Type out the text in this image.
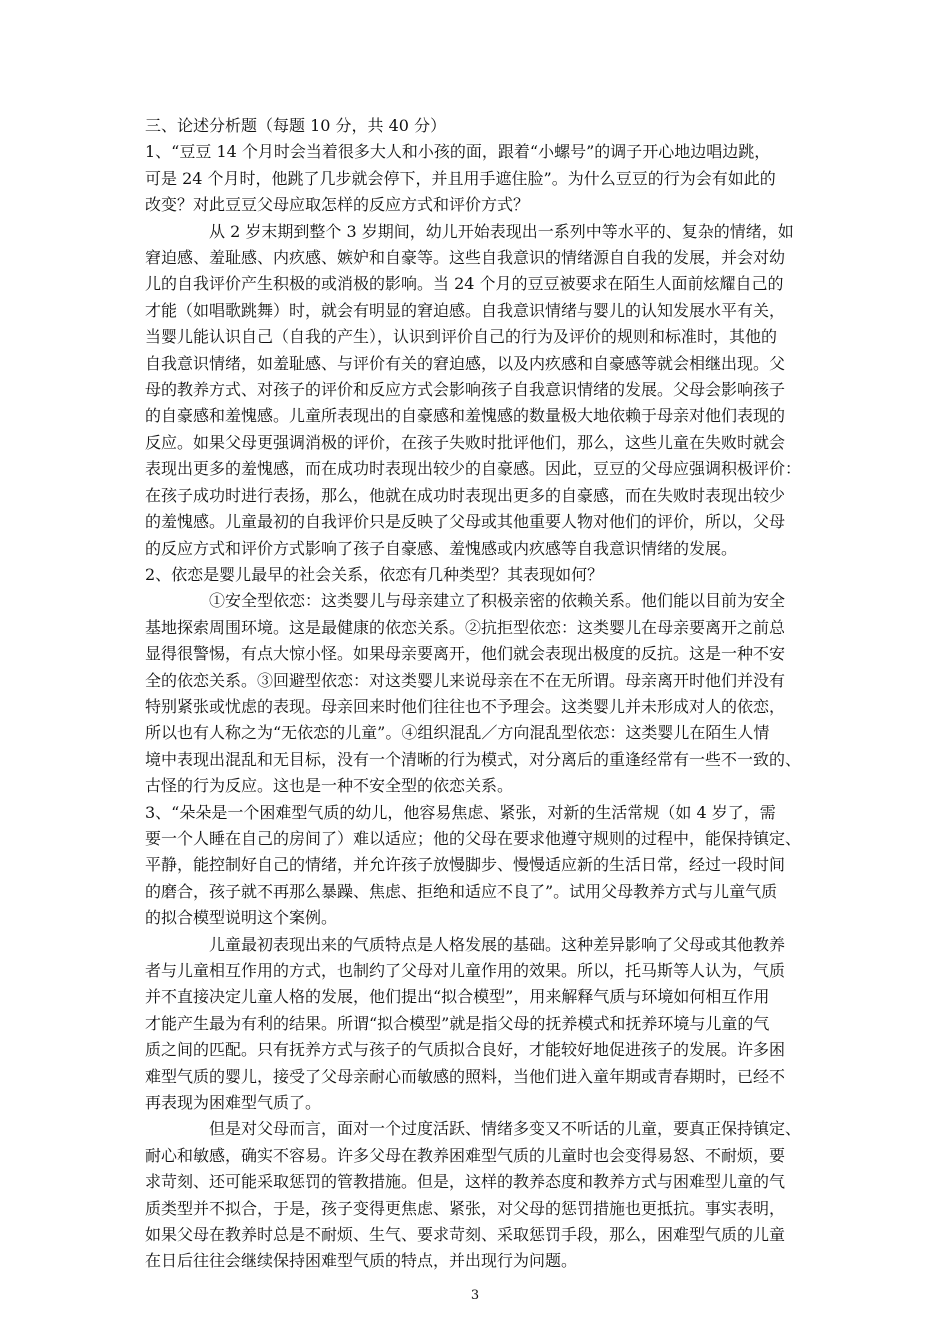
三、论述分析题（每题 10 分，共 40 分）

1、“豆豆 14 个月时会当着很多大人和小孩的面，跟着“小螺号”的调子开心地边唱边跳，

可是 24 个月时，他跳了几步就会停下，并且用手遮住脸”。为什么豆豆的行为会有如此的

改变？对此豆豆父母应取怎样的反应方式和评价方式？

从 2 岁末期到整个 3 岁期间，幼儿开始表现出一系列中等水平的、复杂的情绪，如

窘迫感、羞耻感、内疚感、嫉妒和自豪等。这些自我意识的情绪源自自我的发展，并会对幼

儿的自我评价产生积极的或消极的影响。当 24 个月的豆豆被要求在陌生人面前炫耀自己的

才能（如唱歌跳舞）时，就会有明显的窘迫感。自我意识情绪与婴儿的认知发展水平有关，

当婴儿能认识自己（自我的产生），认识到评价自己的行为及评价的规则和标准时，其他的

自我意识情绪，如羞耻感、与评价有关的窘迫感，以及内疚感和自豪感等就会相继出现。父

母的教养方式、对孩子的评价和反应方式会影响孩子自我意识情绪的发展。父母会影响孩子

的自豪感和羞愧感。儿童所表现出的自豪感和羞愧感的数量极大地依赖于母亲对他们表现的

反应。如果父母更强调消极的评价，在孩子失败时批评他们，那么，这些儿童在失败时就会

表现出更多的羞愧感，而在成功时表现出较少的自豪感。因此，豆豆的父母应强调积极评价：

在孩子成功时进行表扬，那么，他就在成功时表现出更多的自豪感，而在失败时表现出较少

的羞愧感。儿童最初的自我评价只是反映了父母或其他重要人物对他们的评价，所以，父母

的反应方式和评价方式影响了孩子自豪感、羞愧感或内疚感等自我意识情绪的发展。

2、依恋是婴儿最早的社会关系，依恋有几种类型？其表现如何？

①安全型依恋：这类婴儿与母亲建立了积极亲密的依赖关系。他们能以目前为安全

基地探索周围环境。这是最健康的依恋关系。②抗拒型依恋：这类婴儿在母亲要离开之前总

显得很警惕，有点大惊小怪。如果母亲要离开，他们就会表现出极度的反抗。这是一种不安

全的依恋关系。③回避型依恋：对这类婴儿来说母亲在不在无所谓。母亲离开时他们并没有

特别紧张或忧虑的表现。母亲回来时他们往往也不予理会。这类婴儿并未形成对人的依恋，

所以也有人称之为“无依恋的儿童”。④组织混乱／方向混乱型依恋：这类婴儿在陌生人情

境中表现出混乱和无目标，没有一个清晰的行为模式，对分离后的重逢经常有一些不一致的、

古怪的行为反应。这也是一种不安全型的依恋关系。

3、“朵朵是一个困难型气质的幼儿，他容易焦虑、紧张，对新的生活常规（如 4 岁了，需

要一个人睡在自己的房间了）难以适应；他的父母在要求他遵守规则的过程中，能保持镇定、

平静，能控制好自己的情绪，并允许孩子放慢脚步、慢慢适应新的生活日常，经过一段时间

的磨合，孩子就不再那么暴躁、焦虑、拒绝和适应不良了”。试用父母教养方式与儿童气质

的拟合模型说明这个案例。

儿童最初表现出来的气质特点是人格发展的基础。这种差异影响了父母或其他教养

者与儿童相互作用的方式，也制约了父母对儿童作用的效果。所以，托马斯等人认为，气质

并不直接决定儿童人格的发展，他们提出“拟合模型”，用来解释气质与环境如何相互作用

才能产生最为有利的结果。所谓“拟合模型”就是指父母的抚养模式和抚养环境与儿童的气

质之间的匹配。只有抚养方式与孩子的气质拟合良好，才能较好地促进孩子的发展。许多困

难型气质的婴儿，接受了父母亲耐心而敏感的照料，当他们进入童年期或青春期时，已经不

再表现为困难型气质了。

但是对父母而言，面对一个过度活跃、情绪多变又不听话的儿童，要真正保持镇定、

耐心和敏感，确实不容易。许多父母在教养困难型气质的儿童时也会变得易怒、不耐烦，要

求苛刻、还可能采取惩罚的管教措施。但是，这样的教养态度和教养方式与困难型儿童的气

质类型并不拟合，于是，孩子变得更焦虑、紧张，对父母的惩罚措施也更抵抗。事实表明，

如果父母在教养时总是不耐烦、生气、要求苛刻、采取惩罚手段，那么，困难型气质的儿童

在日后往往会继续保持困难型气质的特点，并出现行为问题。

3
